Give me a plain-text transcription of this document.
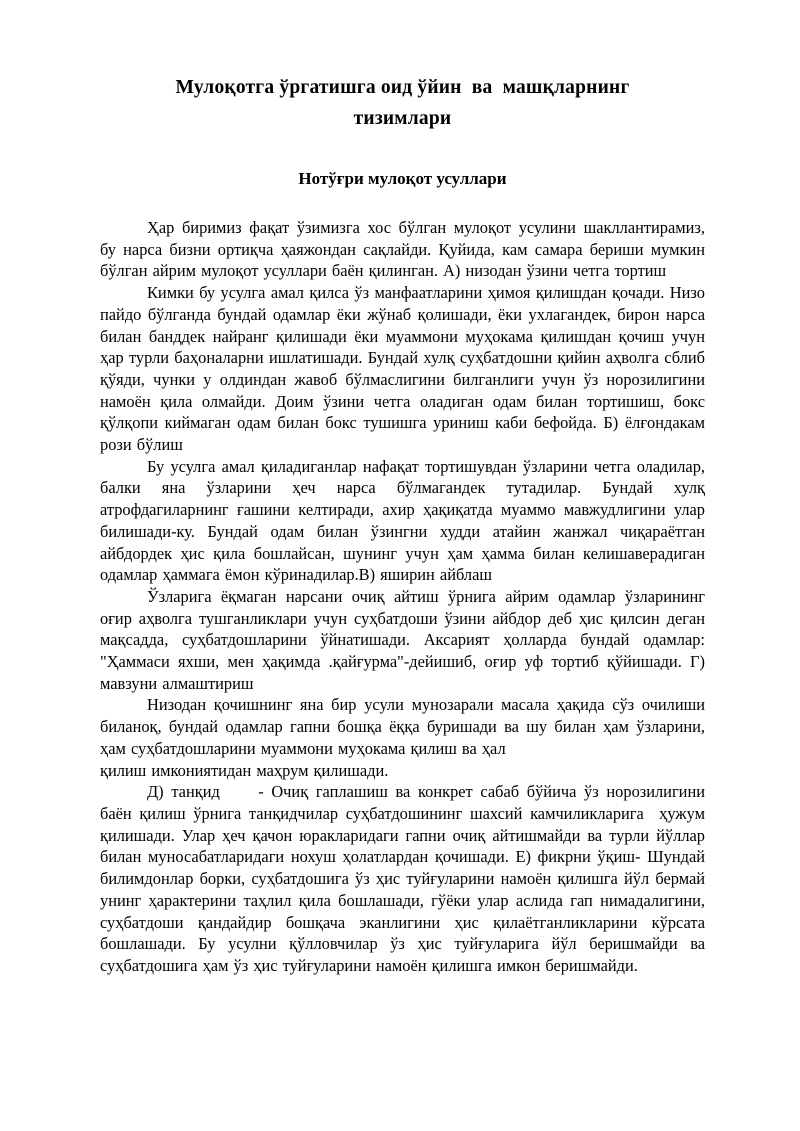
Мулоқотга ўргатишга оид ўйин  ва  машқларнинг
тизимлари
Нотўғри мулоқот усуллари

Ҳар биримиз фақат ўзимизга хос бўлган мулоқот усулини шакллантирамиз, бу нарса бизни ортиқча ҳаяжондан сақлайди. Қуйида, кам самара бериши мумкин бўлган айрим мулоқот усуллари баён қилинган. А) низодан ўзини четга тортиш

Кимки бу усулга амал қилса ўз манфаатларини ҳимоя қилишдан қочади. Низо пайдо бўлганда бундай одамлар ёки жўнаб қолишади, ёки ухлагандек, бирон нарса билан банддек найранг қилишади ёки муаммони муҳокама қилишдан қочиш учун ҳар турли баҳоналарни ишлатишади. Бундай хулқ суҳбатдошни қийин аҳволга сблиб қўяди, чунки у олдиндан жавоб бўлмаслигини билганлиги учун ўз норозилигини намоён қила олмайди. Доим ўзини четга оладиган одам билан тортишиш, бокс қўлқопи киймаган одам билан бокс тушишга уриниш каби бефойда. Б) ёлғондакам рози бўлиш

Бу усулга амал қиладиганлар нафақат тортишувдан ўзларини четга оладилар, балки яна ўзларини ҳеч нарса бўлмагандек тутадилар. Бундай хулқ атрофдагиларнинг ғашини келтиради, ахир ҳақиқатда муаммо мавжудлигини улар билишади-ку. Бундай одам билан ўзингни худди атайин жанжал чиқараётган айбдордек ҳис қила бошлайсан, шунинг учун ҳам ҳамма билан келишаверадиган одамлар ҳаммага ёмон кўринадилар.В) яширин айблаш

Ўзларига ёқмаган нарсани очиқ айтиш ўрнига айрим одамлар ўзларининг оғир аҳволга тушганликлари учун суҳбатдоши ўзини айбдор деб ҳис қилсин деган мақсадда, суҳбатдошларини ўйнатишади. Аксарият ҳолларда бундай одамлар: "Ҳаммаси яхши, мен ҳақимда .қайғурма"-дейишиб, оғир уф тортиб қўйишади. Г) мавзуни алмаштириш

Низодан қочишнинг яна бир усули мунозарали масала ҳақида сўз очилиши биланоқ, бундай одамлар гапни бошқа ёққа буришади ва шу билан ҳам ўзларини, ҳам суҳбатдошларини муаммони муҳокама қилиш ва ҳал

қилиш имкониятидан маҳрум қилишади.

Д) танқид     - Очиқ гаплашиш ва конкрет сабаб бўйича ўз норозилигини баён қилиш ўрнига танқидчилар суҳбатдошининг шахсий камчиликларига  ҳужум қилишади. Улар ҳеч қачон юракларидаги гапни очиқ айтишмайди ва турли йўллар билан муносабатларидаги нохуш ҳолатлардан қочишади. Е) фикрни ўқиш- Шундай билимдонлар борки, суҳбатдошига ўз ҳис туйғуларини намоён қилишга йўл бермай унинг ҳарактерини таҳлил қила бошлашади, гўёки улар аслида гап нимадалигини, суҳбатдоши қандайдир бошқача эканлигини ҳис қилаётганликларини кўрсата бошлашади. Бу усулни қўлловчилар ўз ҳис туйғуларига йўл беришмайди ва суҳбатдошига ҳам ўз ҳис туйғуларини намоён қилишга имкон беришмайди.
